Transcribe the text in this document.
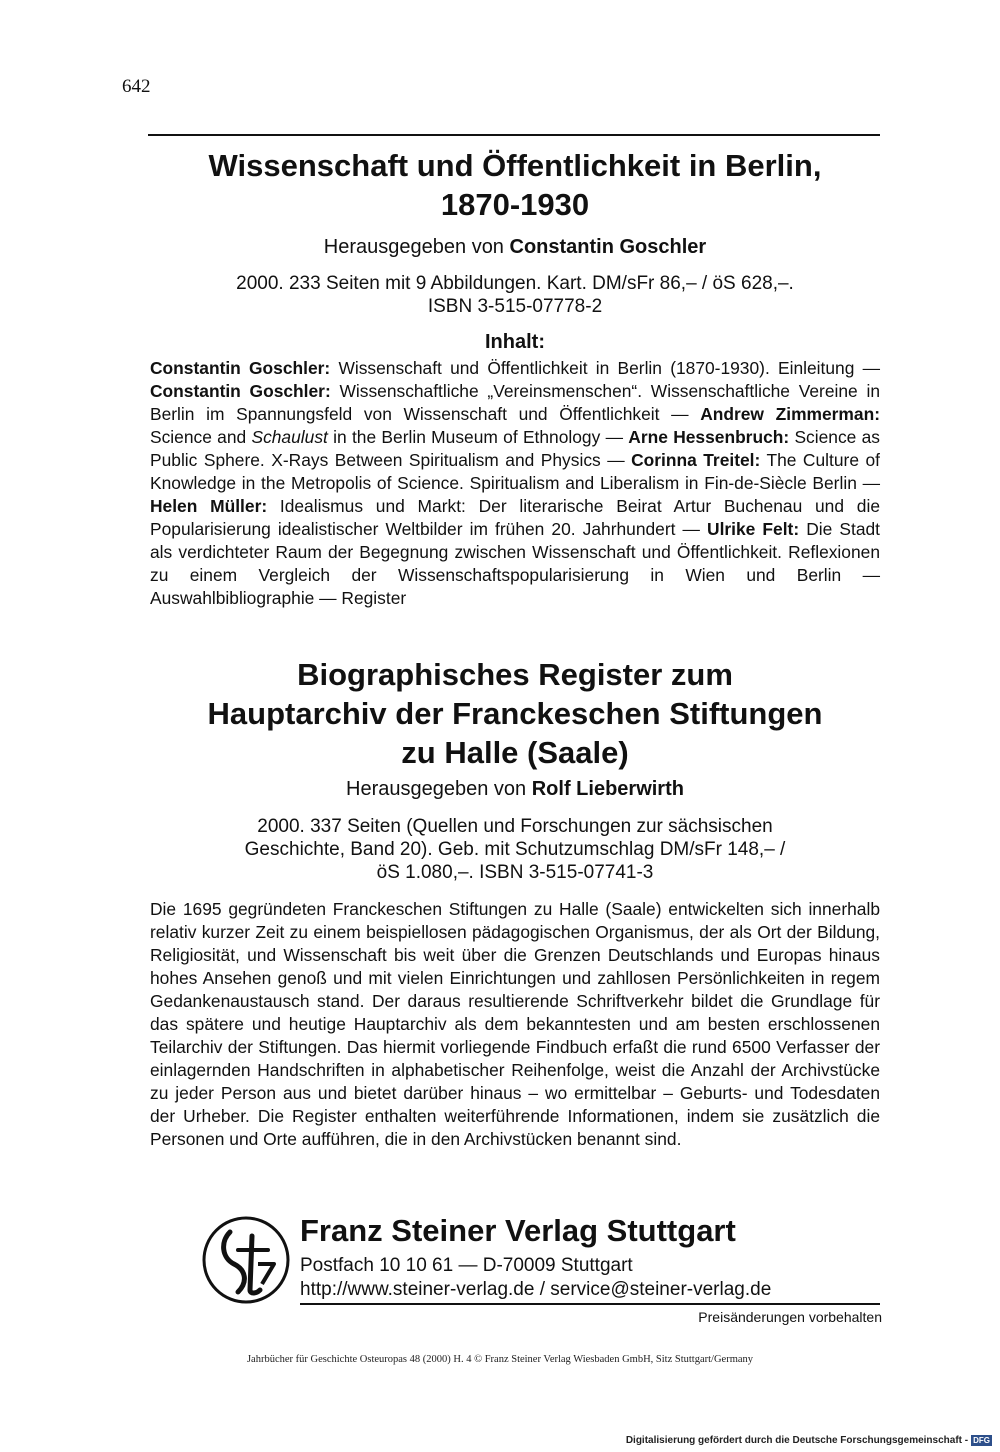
642

Wissenschaft und Öffentlichkeit in Berlin,

1870-1930

Herausgegeben von Constantin Goschler

2000. 233 Seiten mit 9 Abbildungen. Kart. DM/sFr 86,– / öS 628,–.

ISBN 3-515-07778-2

Inhalt:

Constantin Goschler: Wissenschaft und Öffentlichkeit in Berlin (1870-1930). Einleitung — Constantin Goschler: Wissenschaftliche „Vereinsmenschen“. Wissenschaftliche Vereine in Berlin im Spannungsfeld von Wissenschaft und Öffentlichkeit — Andrew Zimmerman: Science and Schaulust in the Berlin Museum of Ethnology — Arne Hessenbruch: Science as Public Sphere. X-Rays Between Spiritualism and Physics — Corinna Treitel: The Culture of Knowledge in the Metropolis of Science. Spiritualism and Liberalism in Fin-de-Siècle Berlin — Helen Müller: Idealismus und Markt: Der literarische Beirat Artur Buchenau und die Popularisierung idealistischer Weltbilder im frühen 20. Jahrhundert — Ulrike Felt: Die Stadt als verdichteter Raum der Begegnung zwischen Wissenschaft und Öffentlichkeit. Reflexionen zu einem Vergleich der Wissenschaftspopularisierung in Wien und Berlin — Auswahlbibliographie — Register

Biographisches Register zum

Hauptarchiv der Franckeschen Stiftungen

zu Halle (Saale)

Herausgegeben von Rolf Lieberwirth

2000. 337 Seiten (Quellen und Forschungen zur sächsischen

Geschichte, Band 20). Geb. mit Schutzumschlag DM/sFr 148,– /

öS 1.080,–. ISBN 3-515-07741-3

Die 1695 gegründeten Franckeschen Stiftungen zu Halle (Saale) entwickelten sich innerhalb relativ kurzer Zeit zu einem beispiellosen pädagogischen Organismus, der als Ort der Bildung, Religiosität, und Wissenschaft bis weit über die Grenzen Deutschlands und Europas hinaus hohes Ansehen genoß und mit vielen Einrichtungen und zahllosen Persönlichkeiten in regem Gedankenaustausch stand. Der daraus resultierende Schriftverkehr bildet die Grundlage für das spätere und heutige Hauptarchiv als dem bekanntesten und am besten erschlossenen Teilarchiv der Stiftungen. Das hiermit vorliegende Findbuch erfaßt die rund 6500 Verfasser der einlagernden Handschriften in alphabetischer Reihenfolge, weist die Anzahl der Archivstücke zu jeder Person aus und bietet darüber hinaus – wo ermittelbar – Geburts- und Todesdaten der Urheber. Die Register enthalten weiterführende Informationen, indem sie zusätzlich die Personen und Orte aufführen, die in den Archivstücken benannt sind.

Franz Steiner Verlag Stuttgart
Postfach 10 10 61 — D-70009 Stuttgart
http://www.steiner-verlag.de / service@steiner-verlag.de
Preisänderungen vorbehalten
Jahrbücher für Geschichte Osteuropas 48 (2000) H. 4 © Franz Steiner Verlag Wiesbaden GmbH, Sitz Stuttgart/Germany
Digitalisierung gefördert durch die Deutsche Forschungsgemeinschaft - DFG
